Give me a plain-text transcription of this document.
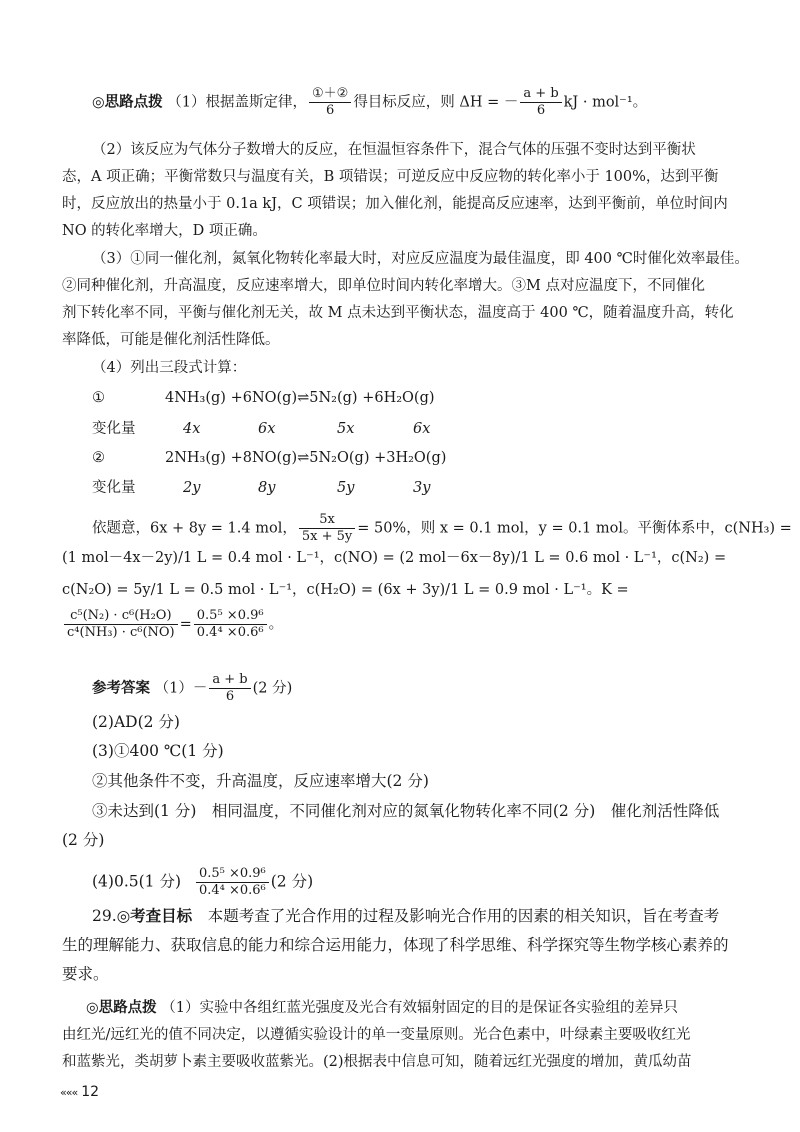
◎思路点拨 （1）根据盖斯定律， $\frac{\text{①＋②}}{6}$ 得目标反应，则 ΔH = － $\frac{a + b}{6}$ kJ · mol⁻¹。
（2）该反应为气体分子数增大的反应，在恒温恒容条件下，混合气体的压强不变时达到平衡状
态，A 项正确；平衡常数只与温度有关，B 项错误；可逆反应中反应物的转化率小于 100%，达到平衡
时，反应放出的热量小于 0.1a kJ，C 项错误；加入催化剂，能提高反应速率，达到平衡前，单位时间内
NO 的转化率增大，D 项正确。
（3）①同一催化剂，氮氧化物转化率最大时，对应反应温度为最佳温度，即 400 ℃时催化效率最佳。
②同种催化剂，升高温度，反应速率增大，即单位时间内转化率增大。③M 点对应温度下，不同催化
剂下转化率不同，平衡与催化剂无关，故 M 点未达到平衡状态，温度高于 400 ℃，随着温度升高，转化
率降低，可能是催化剂活性降低。
（4）列出三段式计算：
①	4NH₃(g) +6NO(g)⇌5N₂(g) +6H₂O(g)
变化量	4x	6x	5x	6x
②	2NH₃(g) +8NO(g)⇌5N₂O(g) +3H₂O(g)
变化量	2y	8y	5y	3y
依题意，6x + 8y = 1.4 mol， $\frac{5x}{5x + 5y} = 50\%$，则 x = 0.1 mol，y = 0.1 mol。平衡体系中，c(NH₃) =
(1 mol－4x－2y)/1 L = 0.4 mol · L⁻¹，c(NO) = (2 mol－6x－8y)/1 L = 0.6 mol · L⁻¹，c(N₂) =
c(N₂O) = 5y/1 L = 0.5 mol · L⁻¹，c(H₂O) = (6x + 3y)/1 L = 0.9 mol · L⁻¹。K =
$\frac{\text{c⁵(N₂) · c⁶(H₂O)}}{\text{c⁴(NH₃) · c⁶(NO)}} = \frac{\text{0.5⁵ ×0.9⁶}}{\text{0.4⁴ ×0.6⁶}}$ 。
参考答案 $(1)- \frac{a + b}{6} (2$ 分)
(2)AD(2 分)
(3)①400 ℃(1 分)
②其他条件不变，升高温度，反应速率增大(2 分)
③未达到(1 分)　相同温度，不同催化剂对应的氮氧化物转化率不同(2 分)　催化剂活性降低
(2 分)
(4)0.5(1 分) $\frac{\text{0.5⁵ ×0.9⁶}}{\text{0.4⁴ ×0.6⁶}} (2$ 分)
29.◎考查目标　 本题考查了光合作用的过程及影响光合作用的因素的相关知识，旨在考查考
生的理解能力、获取信息的能力和综合运用能力，体现了科学思维、科学探究等生物学核心素养的
要求。
◎思路点拨 （1）实验中各组红蓝光强度及光合有效辐射固定的目的是保证各实验组的差异只
由红光/远红光的值不同决定，以遵循实验设计的单一变量原则。光合色素中，叶绿素主要吸收红光
和蓝紫光，类胡萝卜素主要吸收蓝紫光。(2)根据表中信息可知，随着远红光强度的增加，黄瓜幼苗
««« 12
